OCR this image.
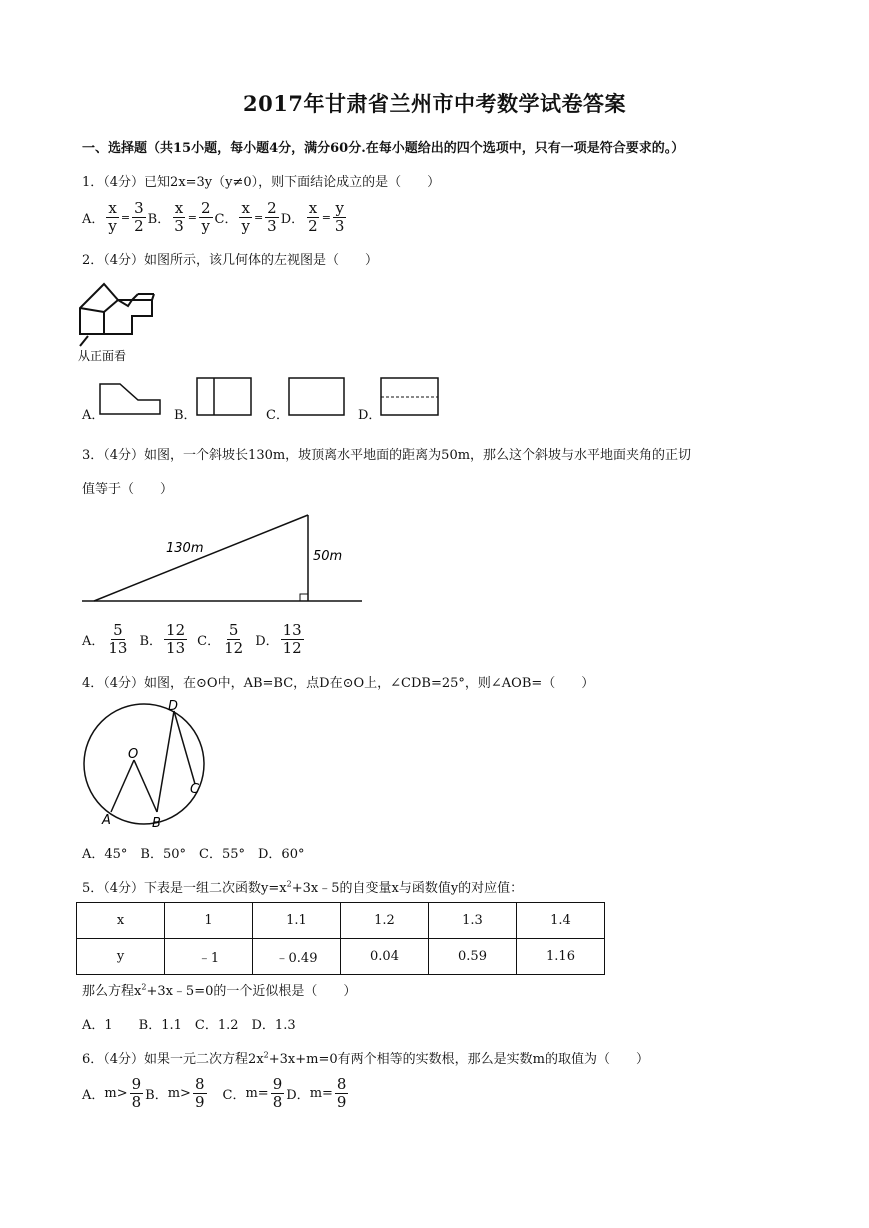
2017年甘肃省兰州市中考数学试卷答案
一、选择题（共15小题，每小题4分，满分60分.在每小题给出的四个选项中，只有一项是符合要求的。）
1．（4分）已知2x=3y（y≠0），则下面结论成立的是（　　）
A． $\frac{x}{y} = \frac{3}{2}$ B． $\frac{x}{3} = \frac{2}{y}$ C． $\frac{x}{y} = \frac{2}{3}$ D． $\frac{x}{2} = \frac{y}{3}$
2．（4分）如图所示，该几何体的左视图是（　　）
从正面看
A．	B．	C．	D．
3．（4分）如图，一个斜坡长130m，坡顶离水平地面的距离为50m，那么这个斜坡与水平地面夹角的正切
值等于（　　）
130m
50m
A． $\frac{5}{13}$ B． $\frac{12}{13}$ C． $\frac{5}{12}$ D． $\frac{13}{12}$
4．（4分）如图，在⊙O中，AB=BC，点D在⊙O上，∠CDB=25°，则∠AOB=（　　）
O
A	B
C
D
A．45°　B．50°　C．55°　D．60°
5．（4分）下表是一组二次函数$y=x^2+3x﹣5$的自变量x与函数值y的对应值：
x	1	1.1	1.2	1.3	1.4
y	﹣1	﹣0.49	0.04	0.59	1.16
那么方程$x^2+3x﹣5=0$的一个近似根是（　　）
A．1　　B．1.1　C．1.2　D．1.3
6．（4分）如果一元二次方程$2x^2+3x+m=0$有两个相等的实数根，那么是实数m的取值为（　　）
A． $m> \frac{9}{8}$ B． $m> \frac{8}{9}$ C． $m= \frac{9}{8}$ D． $m= \frac{8}{9}$
